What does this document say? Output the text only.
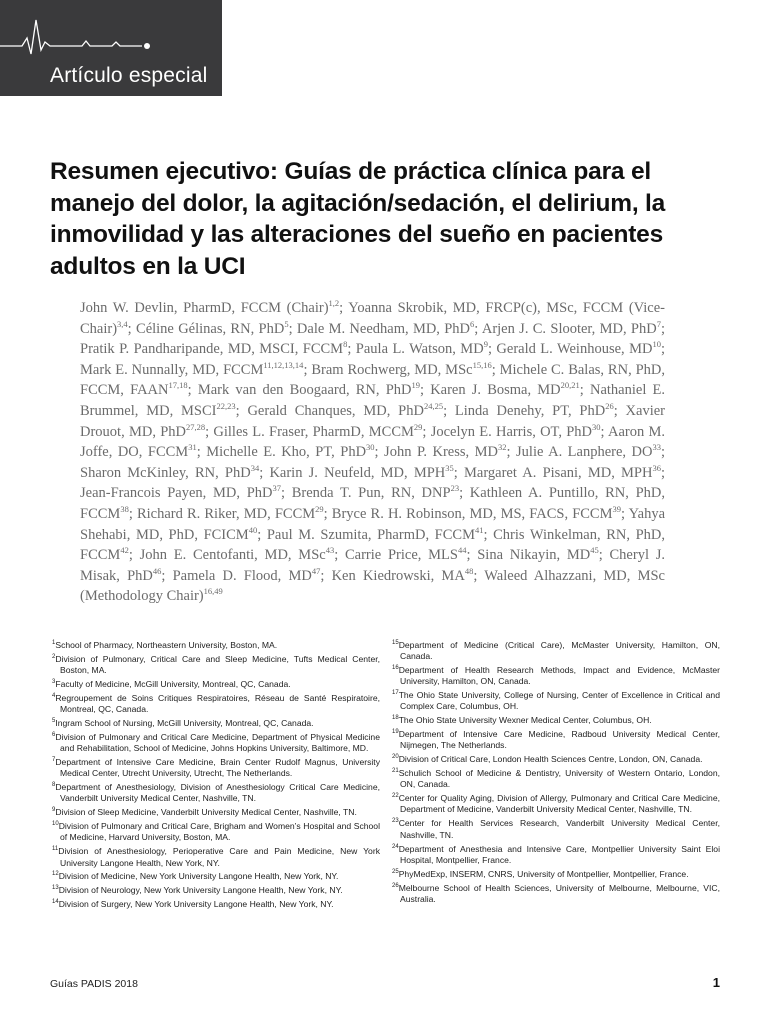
Artículo especial
Resumen ejecutivo: Guías de práctica clínica para el manejo del dolor, la agitación/sedación, el delirium, la inmovilidad y las alteraciones del sueño en pacientes adultos en la UCI

John W. Devlin, PharmD, FCCM (Chair)$^{1,2}$; Yoanna Skrobik, MD, FRCP(c), MSc, FCCM (Vice-Chair)$^{3,4}$; Céline Gélinas, RN, PhD$^5$; Dale M. Needham, MD, PhD$^6$; Arjen J. C. Slooter, MD, PhD$^7$; Pratik P. Pandharipande, MD, MSCI, FCCM$^8$; Paula L. Watson, $MD^9$; Gerald L. Weinhouse, MD$^{10}$; Mark E. Nunnally, MD, FCCM$^{11,12,13,14}$; Bram Rochwerg, MD, MSc$^{15,16}$; Michele C. Balas, RN, PhD, FCCM, FAAN$^{17,18}$; Mark van den Boogaard, RN, PhD$^{19}$; Karen J. Bosma, MD$^{20,21}$; Nathaniel E. Brummel, MD, MSCI$^{22,23}$; Gerald Chanques, MD, PhD$^{24,25}$; Linda Denehy, PT, PhD$^{26}$; Xavier Drouot, MD, PhD$^{27,28}$; Gilles L. Fraser, PharmD, MCCM$^{29}$; Jocelyn E. Harris, OT, PhD$^{30}$; Aaron M. Joffe, DO, FCCM$^{31}$; Michelle E. Kho, PT, PhD$^{30}$; John P. Kress, MD$^{32}$; Julie A. Lanphere, DO$^{33}$; Sharon McKinley, RN, PhD$^{34}$; Karin J. Neufeld, MD, MPH$^{35}$; Margaret A. Pisani, MD, MPH$^{36}$; Jean-Francois Payen, MD, PhD$^{37}$; Brenda T. Pun, RN, DNP$^{23}$; Kathleen A. Puntillo, RN, PhD, FCCM$^{38}$; Richard R. Riker, MD, FCCM$^{29}$; Bryce R. H. Robinson, MD, MS, FACS, FCCM$^{39}$; Yahya Shehabi, MD, PhD, FCICM$^{40}$; Paul M. Szumita, PharmD, FCCM$^{41}$; Chris Winkelman, RN, PhD, FCCM$^{42}$; John E. Centofanti, MD, MSc$^{43}$; Carrie Price, MLS$^{44}$; Sina Nikayin, MD$^{45}$; Cheryl J. Misak, PhD$^{46}$; Pamela D. Flood, MD$^{47}$; Ken Kiedrowski, MA$^{48}$; Waleed Alhazzani, MD, MSc (Methodology Chair)$^{16,49}$

$^1$School of Pharmacy, Northeastern University, Boston, MA.

$^2$Division of Pulmonary, Critical Care and Sleep Medicine, Tufts Medical Center, Boston, MA.

$^3$Faculty of Medicine, McGill University, Montreal, QC, Canada.

$^4$Regroupement de Soins Critiques Respiratoires, Réseau de Santé Respiratoire, Montreal, QC, Canada.

$^5$Ingram School of Nursing, McGill University, Montreal, QC, Canada.

$^6$Division of Pulmonary and Critical Care Medicine, Department of Physical Medicine and Rehabilitation, School of Medicine, Johns Hopkins University, Baltimore, MD.

$^7$Department of Intensive Care Medicine, Brain Center Rudolf Magnus, University Medical Center, Utrecht University, Utrecht, The Netherlands.

$^8$Department of Anesthesiology, Division of Anesthesiology Critical Care Medicine, Vanderbilt University Medical Center, Nashville, TN.

$^9$Division of Sleep Medicine, Vanderbilt University Medical Center, Nashville, TN.

$^{10}$Division of Pulmonary and Critical Care, Brigham and Women’s Hospital and School of Medicine, Harvard University, Boston, MA.

$^{11}$Division of Anesthesiology, Perioperative Care and Pain Medicine, New York University Langone Health, New York, NY.

$^{12}$Division of Medicine, New York University Langone Health, New York, NY.

$^{13}$Division of Neurology, New York University Langone Health, New York, NY.

$^{14}$Division of Surgery, New York University Langone Health, New York, NY.

$^{15}$Department of Medicine (Critical Care), McMaster University, Hamilton, ON, Canada.

$^{16}$Department of Health Research Methods, Impact and Evidence, McMaster University, Hamilton, ON, Canada.

$^{17}$The Ohio State University, College of Nursing, Center of Excellence in Critical and Complex Care, Columbus, OH.

$^{18}$The Ohio State University Wexner Medical Center, Columbus, OH.

$^{19}$Department of Intensive Care Medicine, Radboud University Medical Center, Nijmegen, The Netherlands.

$^{20}$Division of Critical Care, London Health Sciences Centre, London, ON, Canada.

$^{21}$Schulich School of Medicine & Dentistry, University of Western Ontario, London, ON, Canada.

$^{22}$Center for Quality Aging, Division of Allergy, Pulmonary and Critical Care Medicine, Department of Medicine, Vanderbilt University Medical Center, Nashville, TN.

$^{23}$Center for Health Services Research, Vanderbilt University Medical Center, Nashville, TN.

$^{24}$Department of Anesthesia and Intensive Care, Montpellier University Saint Eloi Hospital, Montpellier, France.

$^{25}$PhyMedExp, INSERM, CNRS, University of Montpellier, Montpellier, France.

$^{26}$Melbourne School of Health Sciences, University of Melbourne, Melbourne, VIC, Australia.

Guías PADIS 2018	1
